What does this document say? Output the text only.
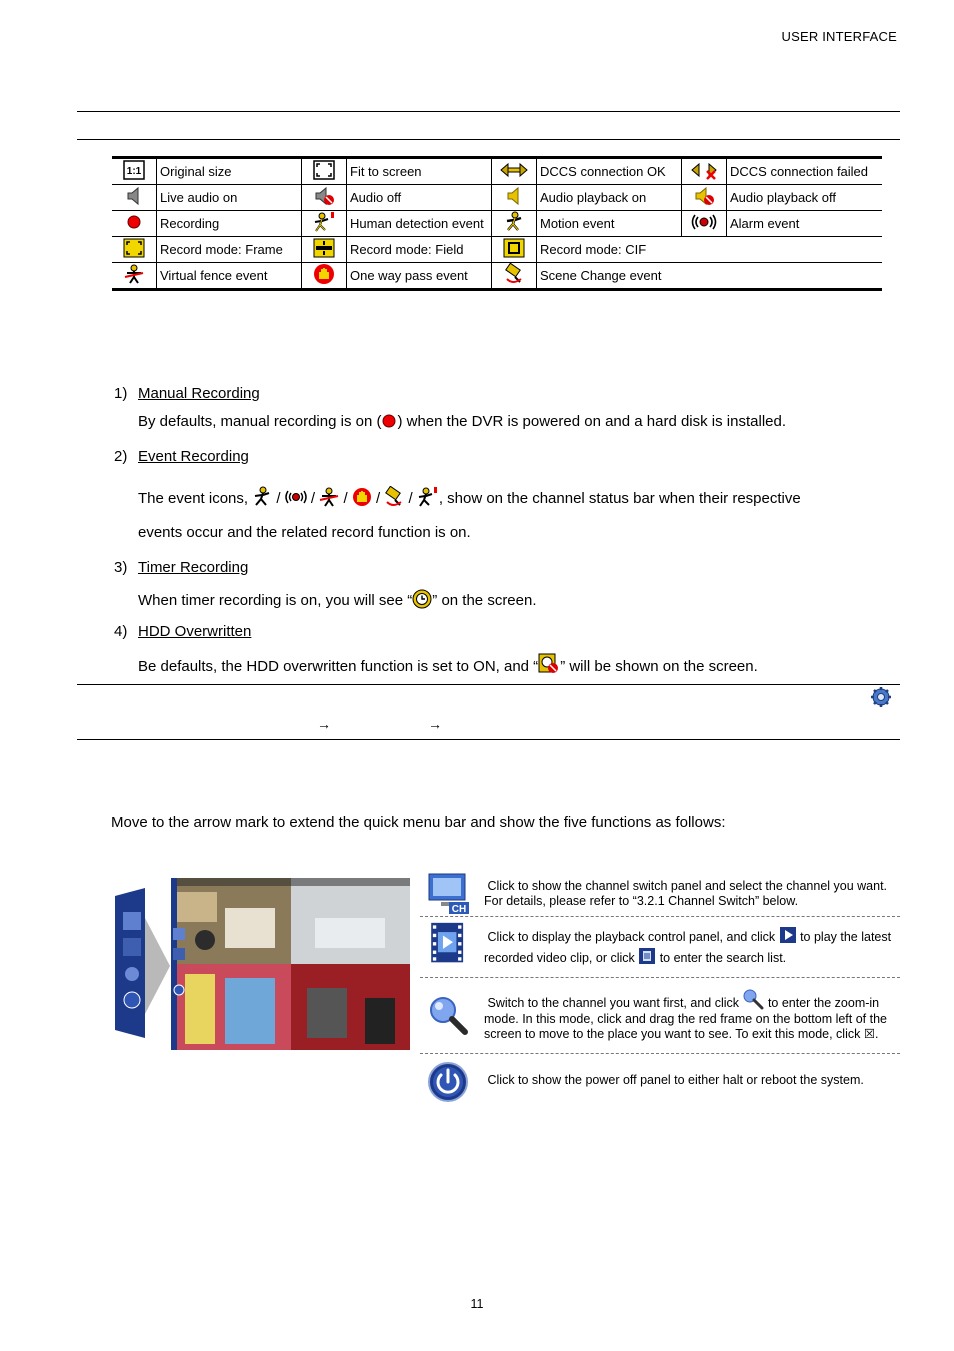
USER INTERFACE
1:1	Original size		Fit to screen		DCCS connection OK		DCCS connection failed
	Live audio on		Audio off		Audio playback on		Audio playback off
	Recording		Human detection event		Motion event		Alarm event
	Record mode: Frame		Record mode: Field		Record mode: CIF		
	Virtual fence event		One way pass event		Scene Change event		
1) Manual Recording
By defaults, manual recording is on ( ) when the DVR is powered on and a hard disk is installed.
2) Event Recording
The event icons,  / / / / / , show on the channel status bar when their respective
events occur and the related record function is on.
3) Timer Recording
When timer recording is on, you will see “ ” on the screen.
4) HDD Overwritten
Be defaults, the HDD overwritten function is set to ON, and “ ” will be shown on the screen.
→	→
Move to the arrow mark to extend the quick menu bar and show the five functions as follows:
CH
Click to show the channel switch panel and select the channel you want. For details, please refer to “3.2.1 Channel Switch” below.
Click to display the playback control panel, and click  to play the latest recorded video clip, or click  to enter the search list.
Switch to the channel you want first, and click  to enter the zoom-in mode. In this mode, click and drag the red frame on the bottom left of the screen to move to the place you want to see. To exit this mode, click ☒.
Click to show the power off panel to either halt or reboot the system.
11
